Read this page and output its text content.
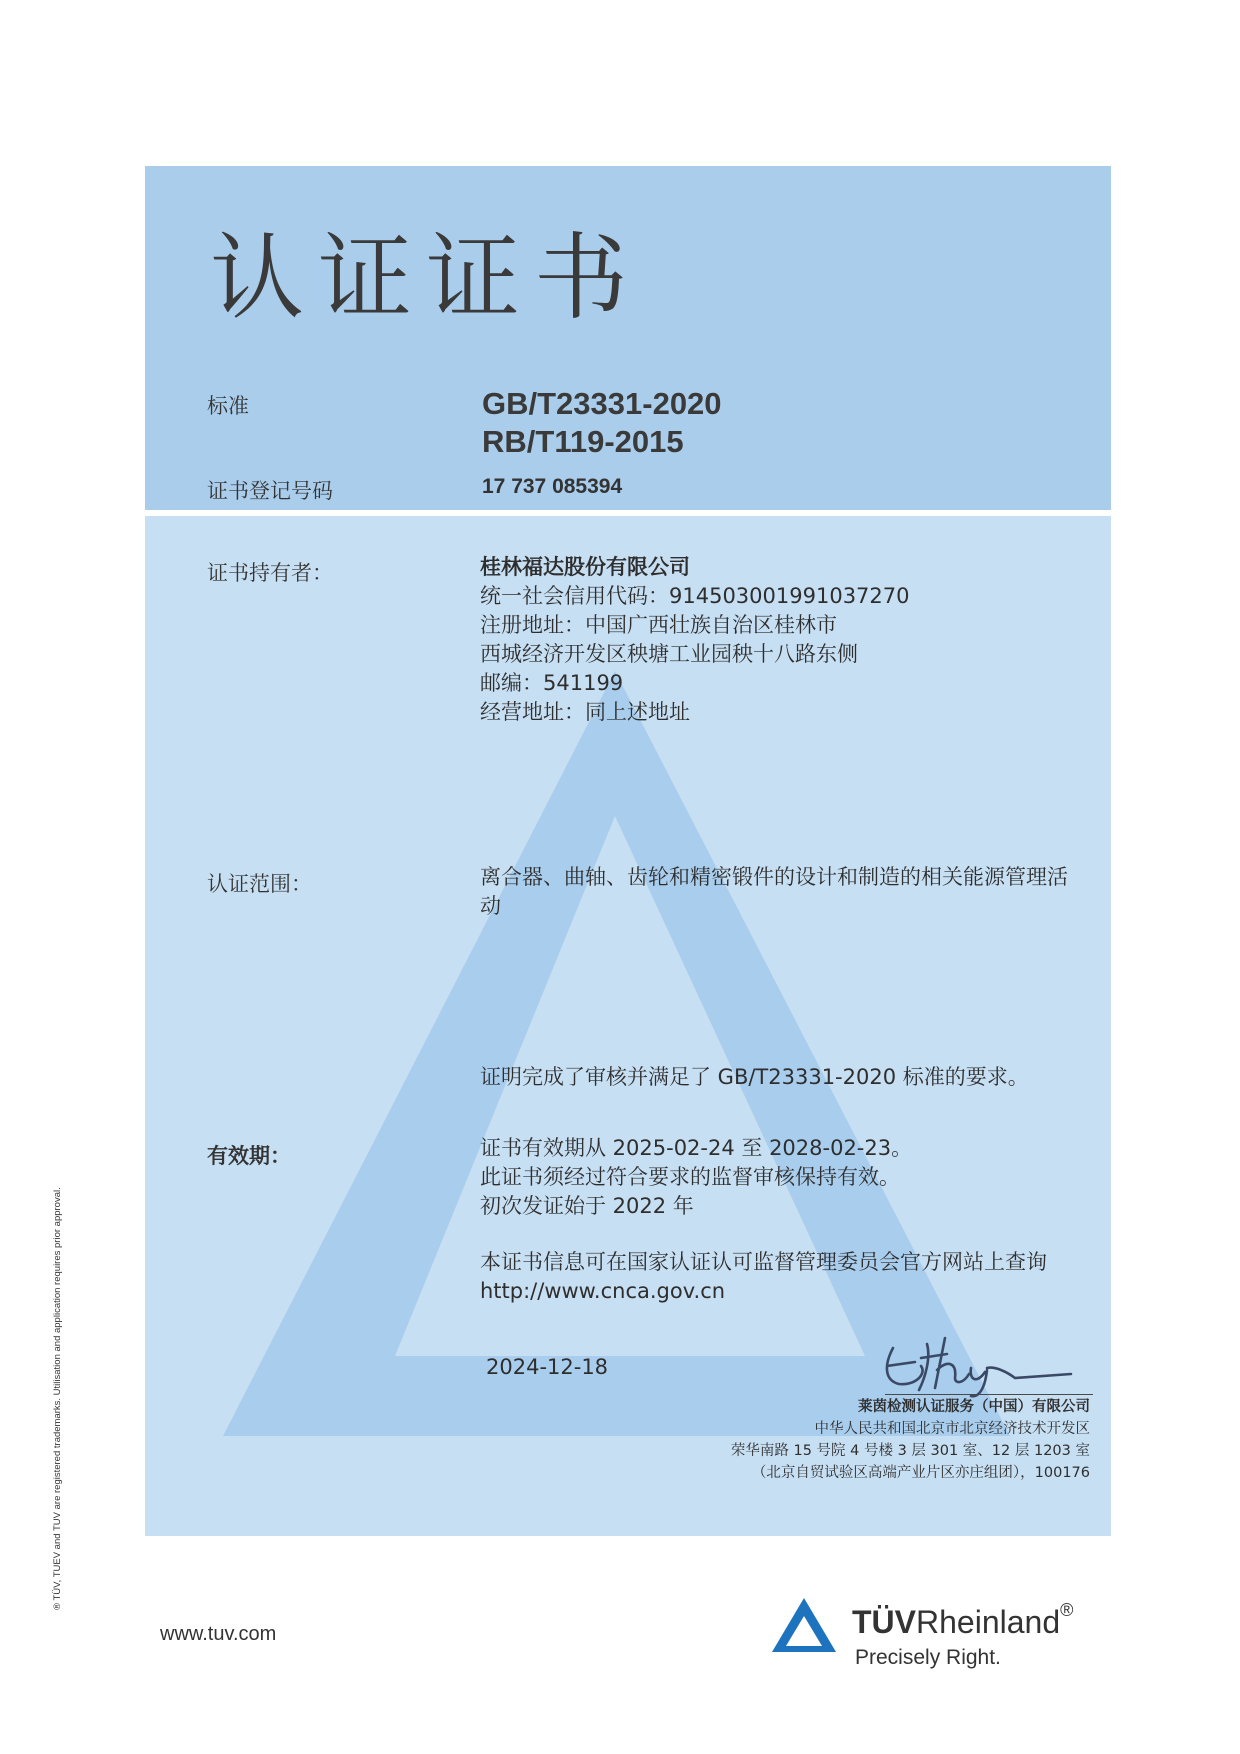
认证证书
标准	GB/T23331-2020
RB/T119-2015
证书登记号码	17 737 085394
证书持有者：	桂林福达股份有限公司
统一社会信用代码：914503001991037270
注册地址：中国广西壮族自治区桂林市
西城经济开发区秧塘工业园秧十八路东侧
邮编：541199
经营地址：同上述地址
认证范围：	离合器、曲轴、齿轮和精密锻件的设计和制造的相关能源管理活
动
证明完成了审核并满足了 GB/T23331-2020 标准的要求。
有效期：	证书有效期从 2025-02-24 至 2028-02-23。
此证书须经过符合要求的监督审核保持有效。
初次发证始于 2022 年
本证书信息可在国家认证认可监督管理委员会官方网站上查询
http://www.cnca.gov.cn
2024-12-18
莱茵检测认证服务（中国）有限公司
中华人民共和国北京市北京经济技术开发区
荣华南路 15 号院 4 号楼 3 层 301 室、12 层 1203 室
（北京自贸试验区高端产业片区亦庄组团），100176
® TÜV, TUEV and TUV are registered trademarks. Utilisation and application requires prior approval.
www.tuv.com	TÜVRheinland®
Precisely Right.
